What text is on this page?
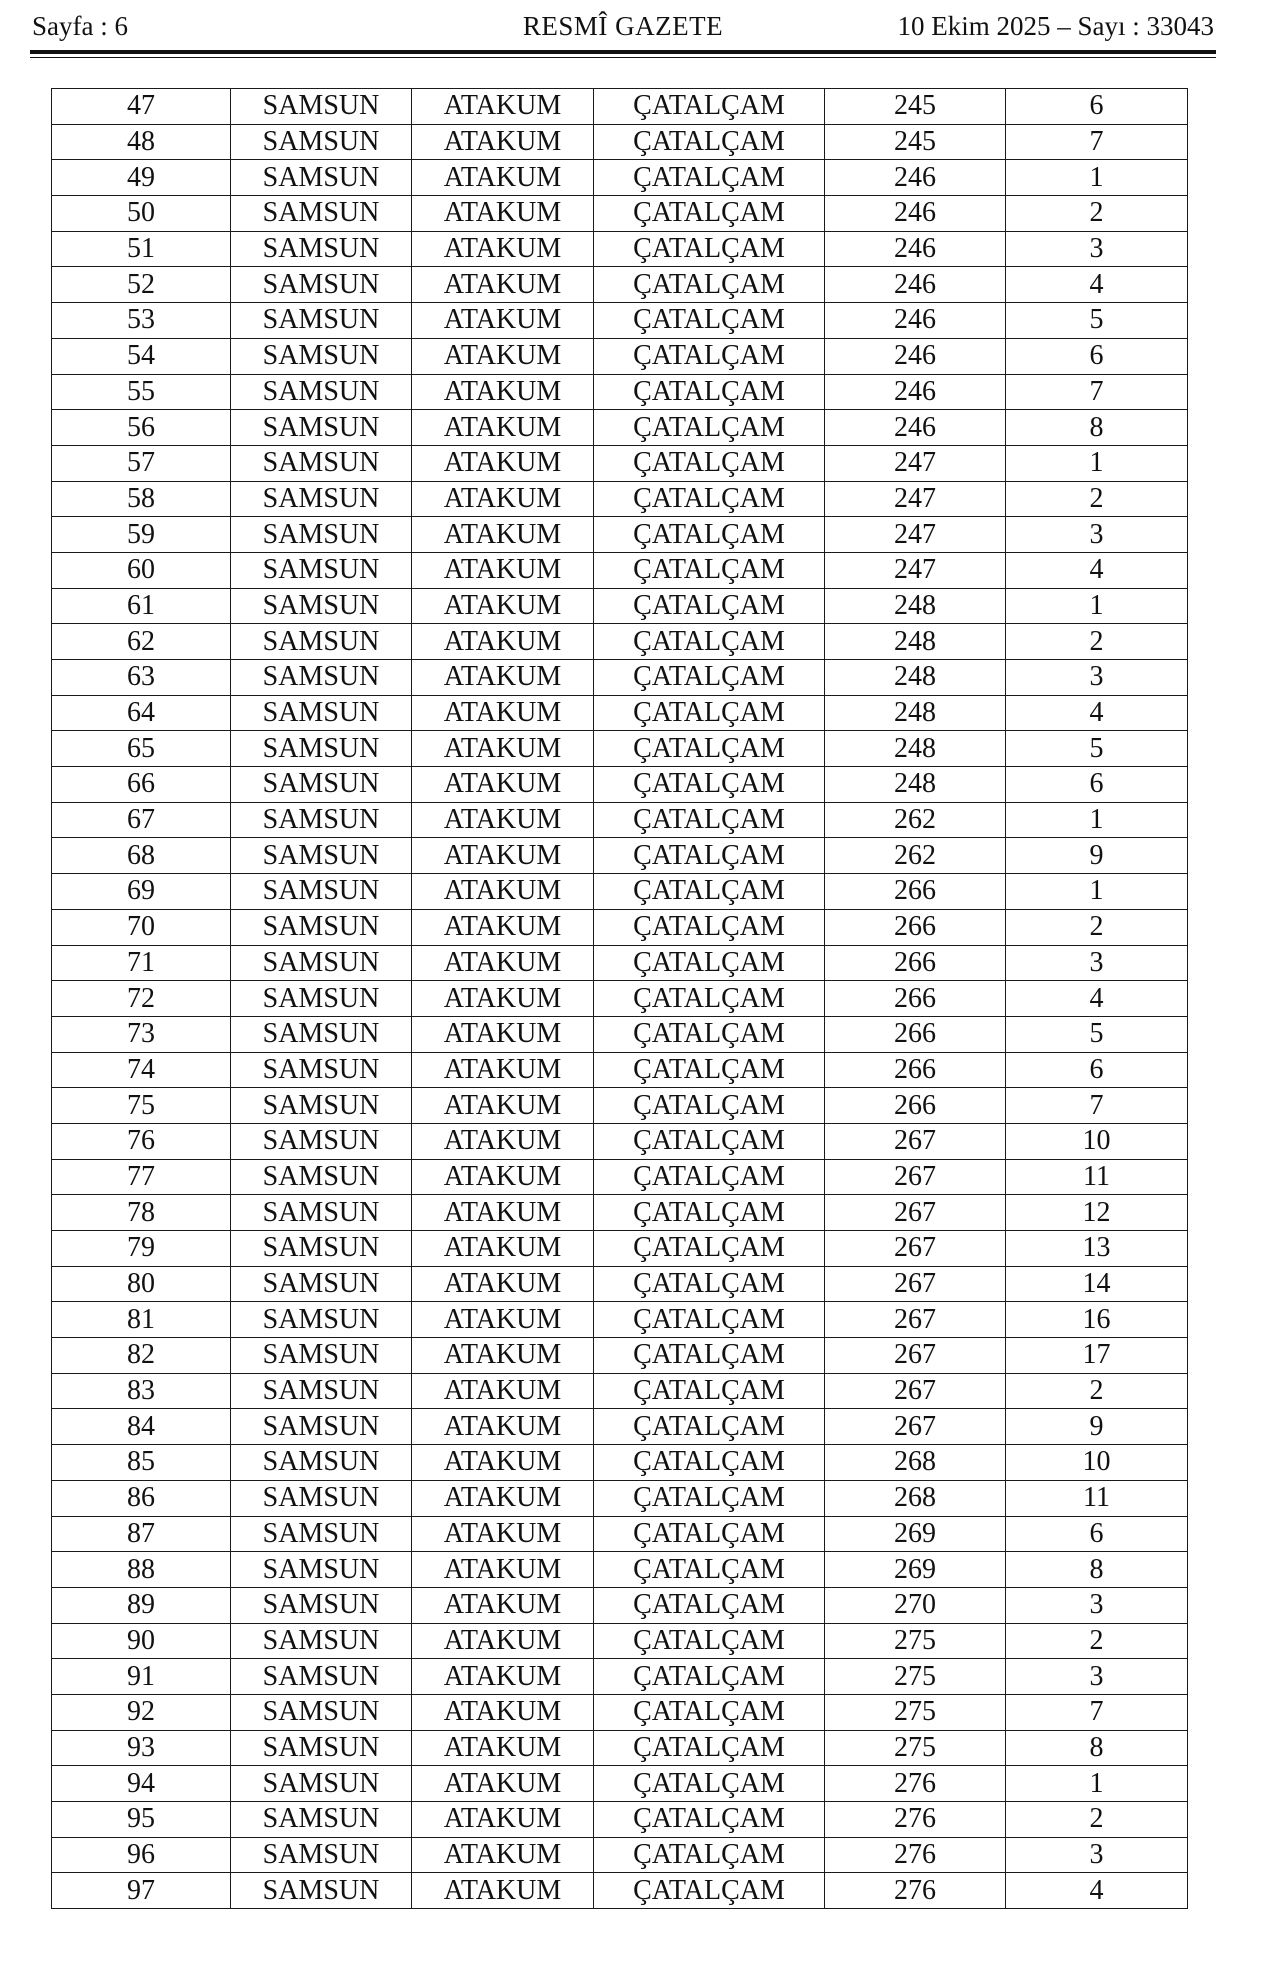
Sayfa : 6	RESMÎ GAZETE	10 Ekim 2025 – Sayı : 33043
47	SAMSUN	ATAKUM	ÇATALÇAM	245	6
48	SAMSUN	ATAKUM	ÇATALÇAM	245	7
49	SAMSUN	ATAKUM	ÇATALÇAM	246	1
50	SAMSUN	ATAKUM	ÇATALÇAM	246	2
51	SAMSUN	ATAKUM	ÇATALÇAM	246	3
52	SAMSUN	ATAKUM	ÇATALÇAM	246	4
53	SAMSUN	ATAKUM	ÇATALÇAM	246	5
54	SAMSUN	ATAKUM	ÇATALÇAM	246	6
55	SAMSUN	ATAKUM	ÇATALÇAM	246	7
56	SAMSUN	ATAKUM	ÇATALÇAM	246	8
57	SAMSUN	ATAKUM	ÇATALÇAM	247	1
58	SAMSUN	ATAKUM	ÇATALÇAM	247	2
59	SAMSUN	ATAKUM	ÇATALÇAM	247	3
60	SAMSUN	ATAKUM	ÇATALÇAM	247	4
61	SAMSUN	ATAKUM	ÇATALÇAM	248	1
62	SAMSUN	ATAKUM	ÇATALÇAM	248	2
63	SAMSUN	ATAKUM	ÇATALÇAM	248	3
64	SAMSUN	ATAKUM	ÇATALÇAM	248	4
65	SAMSUN	ATAKUM	ÇATALÇAM	248	5
66	SAMSUN	ATAKUM	ÇATALÇAM	248	6
67	SAMSUN	ATAKUM	ÇATALÇAM	262	1
68	SAMSUN	ATAKUM	ÇATALÇAM	262	9
69	SAMSUN	ATAKUM	ÇATALÇAM	266	1
70	SAMSUN	ATAKUM	ÇATALÇAM	266	2
71	SAMSUN	ATAKUM	ÇATALÇAM	266	3
72	SAMSUN	ATAKUM	ÇATALÇAM	266	4
73	SAMSUN	ATAKUM	ÇATALÇAM	266	5
74	SAMSUN	ATAKUM	ÇATALÇAM	266	6
75	SAMSUN	ATAKUM	ÇATALÇAM	266	7
76	SAMSUN	ATAKUM	ÇATALÇAM	267	10
77	SAMSUN	ATAKUM	ÇATALÇAM	267	11
78	SAMSUN	ATAKUM	ÇATALÇAM	267	12
79	SAMSUN	ATAKUM	ÇATALÇAM	267	13
80	SAMSUN	ATAKUM	ÇATALÇAM	267	14
81	SAMSUN	ATAKUM	ÇATALÇAM	267	16
82	SAMSUN	ATAKUM	ÇATALÇAM	267	17
83	SAMSUN	ATAKUM	ÇATALÇAM	267	2
84	SAMSUN	ATAKUM	ÇATALÇAM	267	9
85	SAMSUN	ATAKUM	ÇATALÇAM	268	10
86	SAMSUN	ATAKUM	ÇATALÇAM	268	11
87	SAMSUN	ATAKUM	ÇATALÇAM	269	6
88	SAMSUN	ATAKUM	ÇATALÇAM	269	8
89	SAMSUN	ATAKUM	ÇATALÇAM	270	3
90	SAMSUN	ATAKUM	ÇATALÇAM	275	2
91	SAMSUN	ATAKUM	ÇATALÇAM	275	3
92	SAMSUN	ATAKUM	ÇATALÇAM	275	7
93	SAMSUN	ATAKUM	ÇATALÇAM	275	8
94	SAMSUN	ATAKUM	ÇATALÇAM	276	1
95	SAMSUN	ATAKUM	ÇATALÇAM	276	2
96	SAMSUN	ATAKUM	ÇATALÇAM	276	3
97	SAMSUN	ATAKUM	ÇATALÇAM	276	4
